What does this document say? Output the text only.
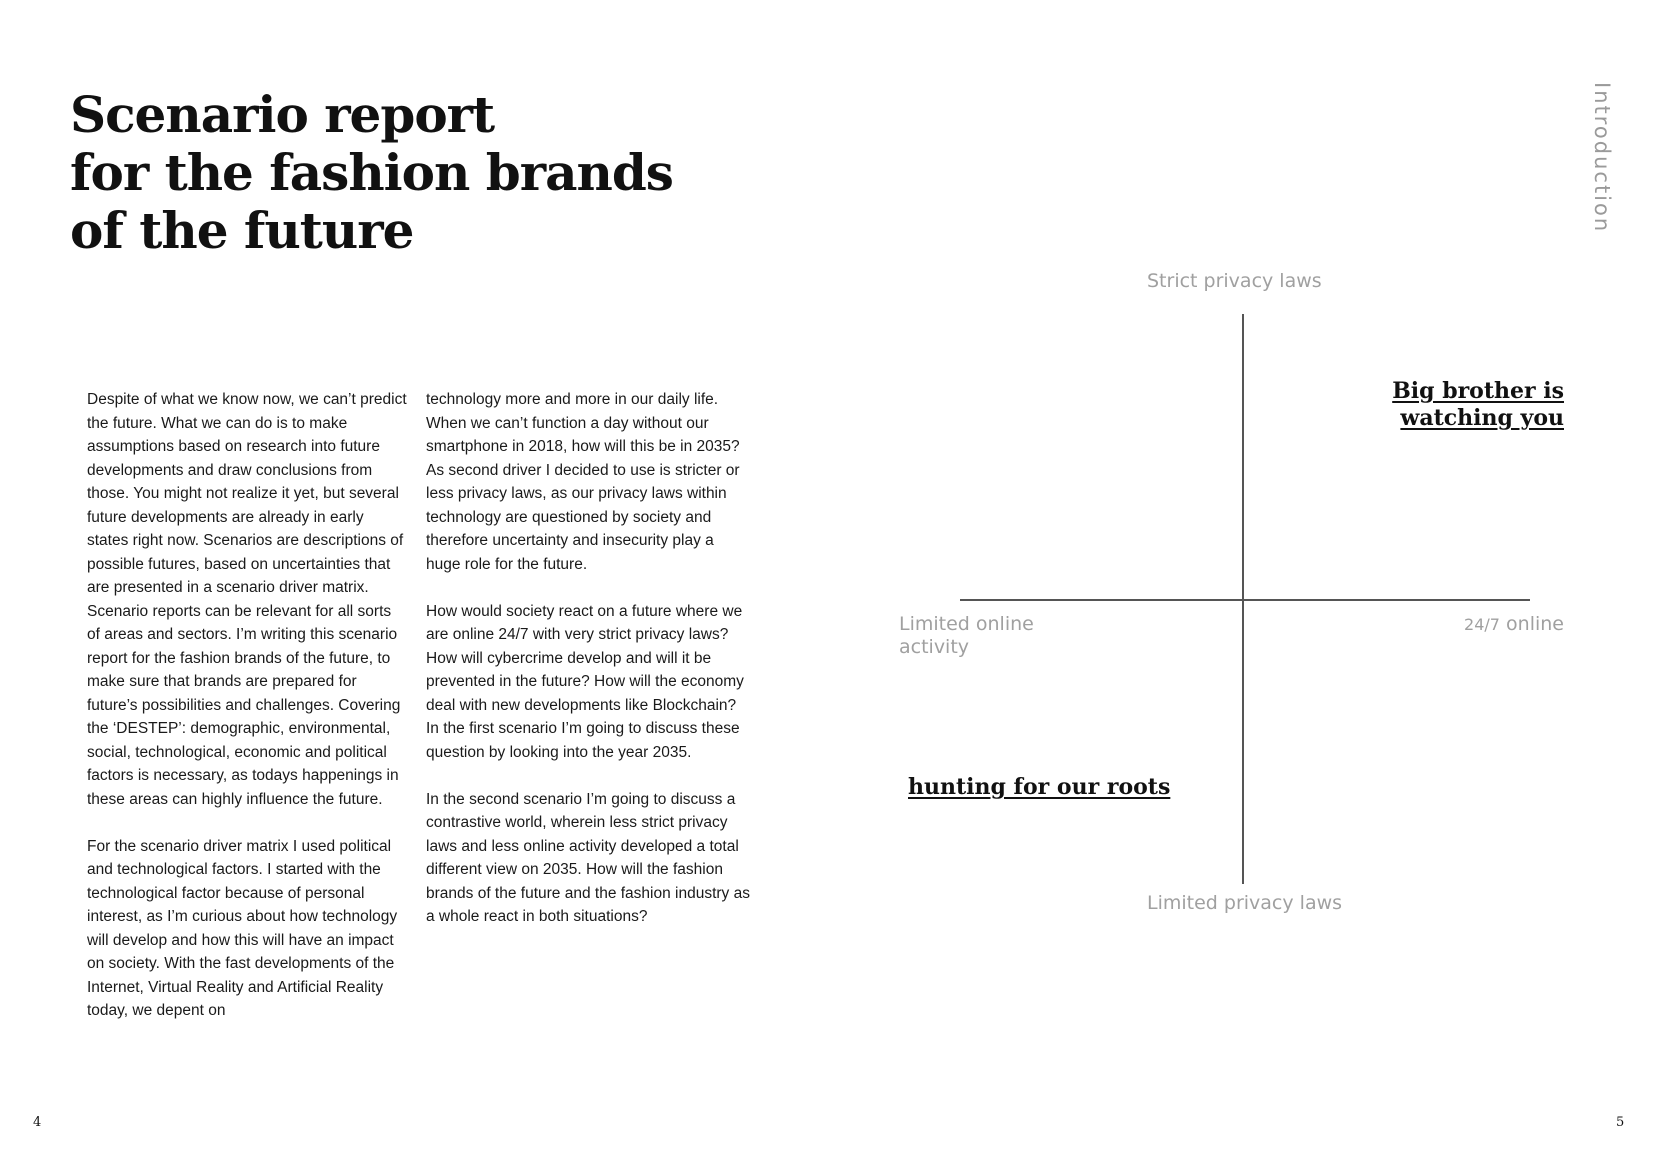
Scenario report
for the fashion brands
of the future	Introduction

Despite of what we know now, we can’t predict the future. What we can do is to make assumptions based on research into future developments and draw conclusions from those. You might not realize it yet, but several future developments are already in early states right now. Scenarios are descriptions of possible futures, based on uncertainties that are presented in a scenario driver matrix. Scenario reports can be relevant for all sorts of areas and sectors. I’m writing this scenario report for the fashion brands of the future, to make sure that brands are prepared for future’s possibilities and challenges. Covering the ‘DESTEP’: demographic, environmental, social, technological, economic and political factors is necessary, as todays happenings in these areas can highly influence the future.

For the scenario driver matrix I used political and technological factors. I started with the technological factor because of personal interest, as I’m curious about how technology will develop and how this will have an impact on society. With the fast developments of the Internet, Virtual Reality and Artificial Reality today, we depent on

technology more and more in our daily life. When we can’t function a day without our smartphone in 2018, how will this be in 2035? As second driver I decided to use is stricter or less privacy laws, as our privacy laws within technology are questioned by society and therefore uncertainty and insecurity play a huge role for the future.

How would society react on a future where we are online 24/7 with very strict privacy laws? How will cybercrime develop and will it be prevented in the future? How will the economy deal with new developments like Blockchain? In the first scenario I’m going to discuss these question by looking into the year 2035.

In the second scenario I’m going to discuss a contrastive world, wherein less strict privacy laws and less online activity developed a total different view on 2035. How will the fashion brands of the future and the fashion industry as a whole react in both situations?

Strict privacy laws
Limited online activity
24/7 online
Limited privacy laws
Big brother is watching you
hunting for our roots
4	5
